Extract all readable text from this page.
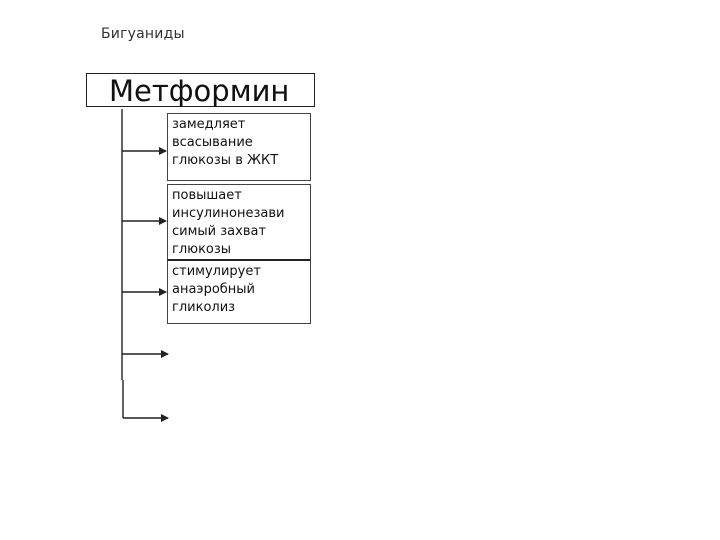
Бигуаниды
Метформин
замедляет
всасывание
глюкозы в ЖКТ
повышает
инсулинонезави
симый захват
глюкозы
стимулирует
анаэробный
гликолиз
